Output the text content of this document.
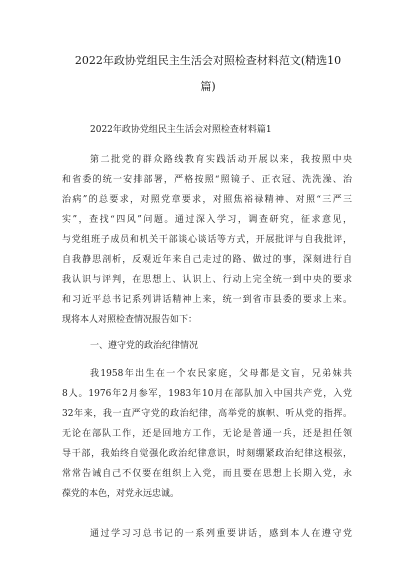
2022年政协党组民主生活会对照检查材料范文(精选10
篇)
2022年政协党组民主生活会对照检查材料篇1
第二批党的群众路线教育实践活动开展以来，我按照中央
和省委的统一安排部署，严格按照“照镜子、正衣冠、洗洗澡、治
治病”的总要求，对照党章要求，对照焦裕禄精神、对照“三严三
实”，查找“四风”问题。通过深入学习，调查研究，征求意见，
与党组班子成员和机关干部谈心谈话等方式，开展批评与自我批评，
自我静思剖析，反观近年来自己走过的路、做过的事，深刻进行自
我认识与评判，在思想上、认识上、行动上完全统一到中央的要求
和习近平总书记系列讲话精神上来，统一到省市县委的要求上来。
现将本人对照检查情况报告如下：
一、遵守党的政治纪律情况
我1958年出生在一个农民家庭，父母都是文盲，兄弟妹共
8人。1976年2月参军，1983年10月在部队加入中国共产党，入党
32年来，我一直严守党的政治纪律，高举党的旗帜、听从党的指挥。
无论在部队工作，还是回地方工作，无论是普通一兵，还是担任领
导干部，我始终自觉强化政治纪律意识，时刻绷紧政治纪律这根弦，
常常告诫自己不仅要在组织上入党，而且要在思想上长期入党，永
葆党的本色，对党永远忠诚。
通过学习习总书记的一系列重要讲话，感到本人在遵守党
